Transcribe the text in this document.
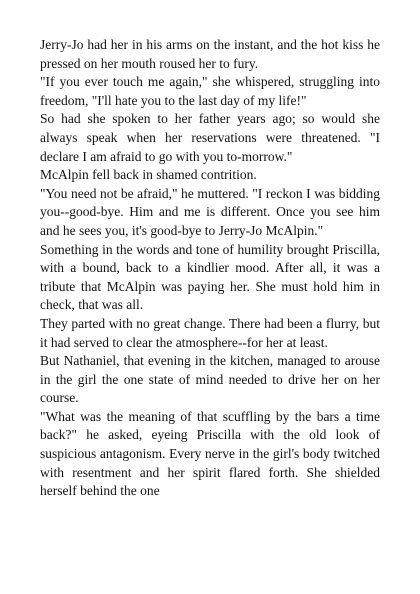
Jerry-Jo had her in his arms on the instant, and the hot kiss he pressed on her mouth roused her to fury.

"If you ever touch me again," she whispered, struggling into freedom, "I'll hate you to the last day of my life!"

So had she spoken to her father years ago; so would she always speak when her reservations were threatened. "I declare I am afraid to go with you to-morrow."

McAlpin fell back in shamed contrition.

"You need not be afraid," he muttered. "I reckon I was bidding you--good-bye. Him and me is different. Once you see him and he sees you, it's good-bye to Jerry-Jo McAlpin."

Something in the words and tone of humility brought Priscilla, with a bound, back to a kindlier mood. After all, it was a tribute that McAlpin was paying her. She must hold him in check, that was all.

They parted with no great change. There had been a flurry, but it had served to clear the atmosphere--for her at least.

But Nathaniel, that evening in the kitchen, managed to arouse in the girl the one state of mind needed to drive her on her course.

"What was the meaning of that scuffling by the bars a time back?" he asked, eyeing Priscilla with the old look of suspicious antagonism. Every nerve in the girl's body twitched with resentment and her spirit flared forth. She shielded herself behind the one
